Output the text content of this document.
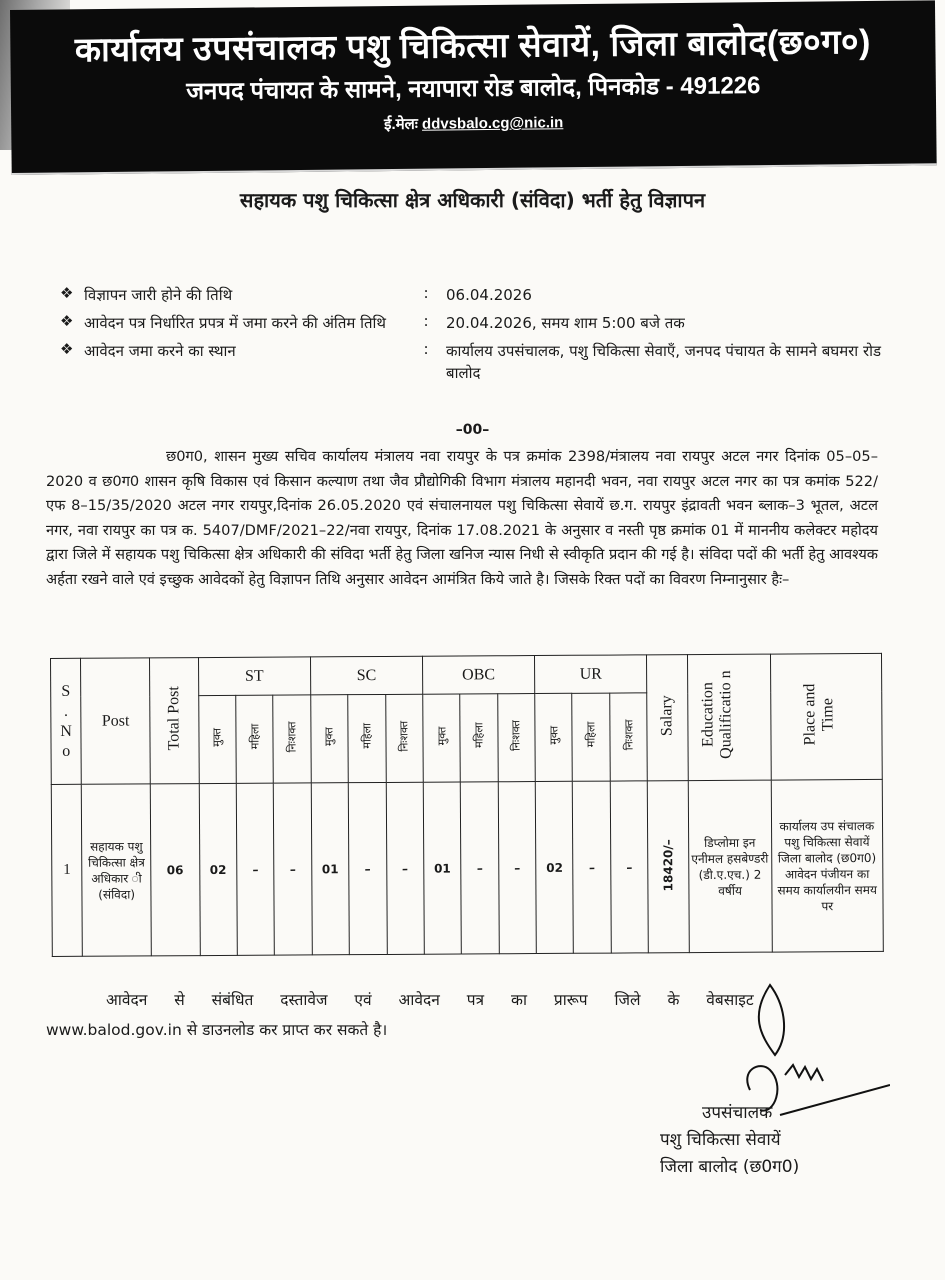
कार्यालय उपसंचालक पशु चिकित्सा सेवायें, जिला बालोद(छ०ग०)
जनपद पंचायत के सामने, नयापारा रोड बालोद, पिनकोड - 491226
ई.मेलः ddvsbalo.cg@nic.in
सहायक पशु चिकित्सा क्षेत्र अधिकारी (संविदा) भर्ती हेतु विज्ञापन
❖ विज्ञापन जारी होने की तिथि	:	06.04.2026
❖ आवेदन पत्र निर्धारित प्रपत्र में जमा करने की अंतिम तिथि	:	20.04.2026, समय शाम 5:00 बजे तक
❖ आवेदन जमा करने का स्थान	:	कार्यालय उपसंचालक, पशु चिकित्सा सेवाएँ, जनपद पंचायत के सामने बघमरा रोड बालोद
–00–

छ0ग0, शासन मुख्य सचिव कार्यालय मंत्रालय नवा रायपुर के पत्र क्रमांक 2398/मंत्रालय नवा रायपुर अटल नगर दिनांक 05–05–2020 व छ0ग0 शासन कृषि विकास एवं किसान कल्याण तथा जैव प्रौद्योगिकी विभाग मंत्रालय महानदी भवन, नवा रायपुर अटल नगर का पत्र कमांक 522/एफ 8–15/35/2020 अटल नगर रायपुर,दिनांक 26.05.2020 एवं संचालनायल पशु चिकित्सा सेवायें छ.ग. रायपुर इंद्रावती भवन ब्लाक–3 भूतल, अटल नगर, नवा रायपुर का पत्र क. 5407/DMF/2021–22/नवा रायपुर, दिनांक 17.08.2021 के अनुसार व नस्ती पृष्ठ क्रमांक 01 में माननीय कलेक्टर महोदय द्वारा जिले में सहायक पशु चिकित्सा क्षेत्र अधिकारी की संविदा भर्ती हेतु जिला खनिज न्यास निधी से स्वीकृति प्रदान की गई है। संविदा पदों की भर्ती हेतु आवश्यक अर्हता रखने वाले एवं इच्छुक आवेदकों हेतु विज्ञापन तिथि अनुसार आवेदन आमंत्रित किये जाते है। जिसके रिक्त पदों का विवरण निम्नानुसार हैः–

S
.
N
o	Post	Total Post	ST			SC			OBC			UR			Salary	Education Qualificatio n	Place and Time
			मुक्त	महिला	निःशक्त	मुक्त	महिला	निःशक्त	मुक्त	महिला	निःशक्त	मुक्त	महिला	निःशक्त			
1	सहायक पशु चिकित्सा क्षेत्र अधिकार ी (संविदा)	06	02	–	–	01	–	–	01	–	–	02	–	–	18420/–	डिप्लोमा इन एनीमल हसबेण्डरी (डी.ए.एच.) 2 वर्षीय	कार्यालय उप संचालक पशु चिकित्सा सेवायें जिला बालोद (छ0ग0) आवेदन पंजीयन का समय कार्यालयीन समय पर
आवेदन से संबंधित दस्तावेज एवं आवेदन पत्र का प्रारूप जिले के वेबसाइट
www.balod.gov.in से डाउनलोड कर प्राप्त कर सकते है।
उपसंचालक
पशु चिकित्सा सेवायें
जिला बालोद (छ0ग0)
